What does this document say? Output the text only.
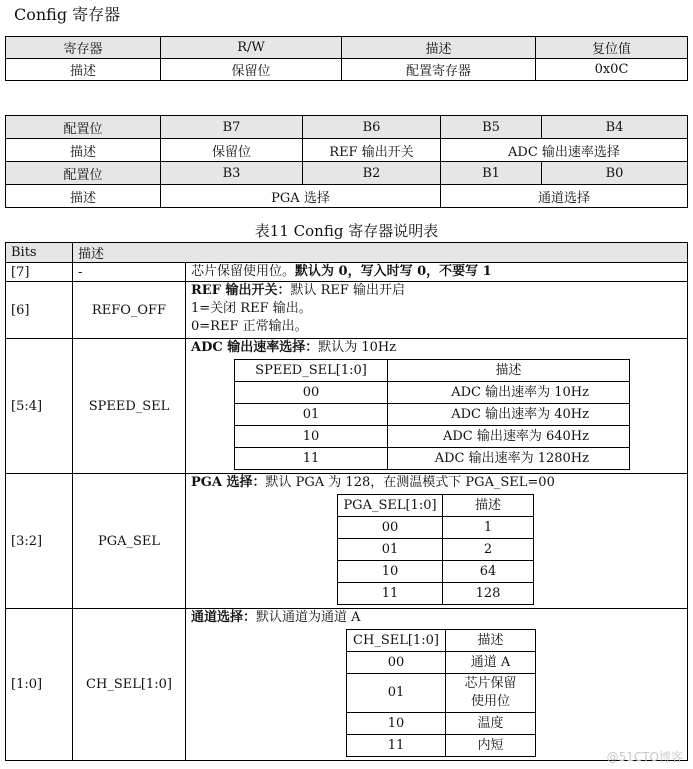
Config 寄存器
寄存器	R/W	描述	复位值
描述	保留位	配置寄存器	0x0C
配置位	B7	B6	B5	B4
描述	保留位	REF 输出开关	ADC 输出速率选择	
配置位	B3	B2	B1	B0
描述	PGA 选择		通道选择	
表11 Config 寄存器说明表
Bits	描述
[7]	-	芯片保留使用位。默认为 0，写入时写 0，不要写 1
[6]	REFO_OFF	
REF 输出开关：默认 REF 输出开启
1=关闭 REF 输出。
0=REF 正常输出。

[5:4]	SPEED_SEL	
ADC 输出速率选择：默认为 10Hz
SPEED_SEL[1:0]	描述
00	ADC 输出速率为 10Hz
01	ADC 输出速率为 40Hz
10	ADC 输出速率为 640Hz
11	ADC 输出速率为 1280Hz

[3:2]	PGA_SEL	
PGA 选择：默认 PGA 为 128，在测温模式下 PGA_SEL=00
PGA_SEL[1:0]	描述
00	1
01	2
10	64
11	128

[1:0]	CH_SEL[1:0]	
通道选择：默认通道为通道 A
CH_SEL[1:0]	描述
00	通道 A
01	芯片保留
使用位
10	温度
11	内短
@51CTO博客
